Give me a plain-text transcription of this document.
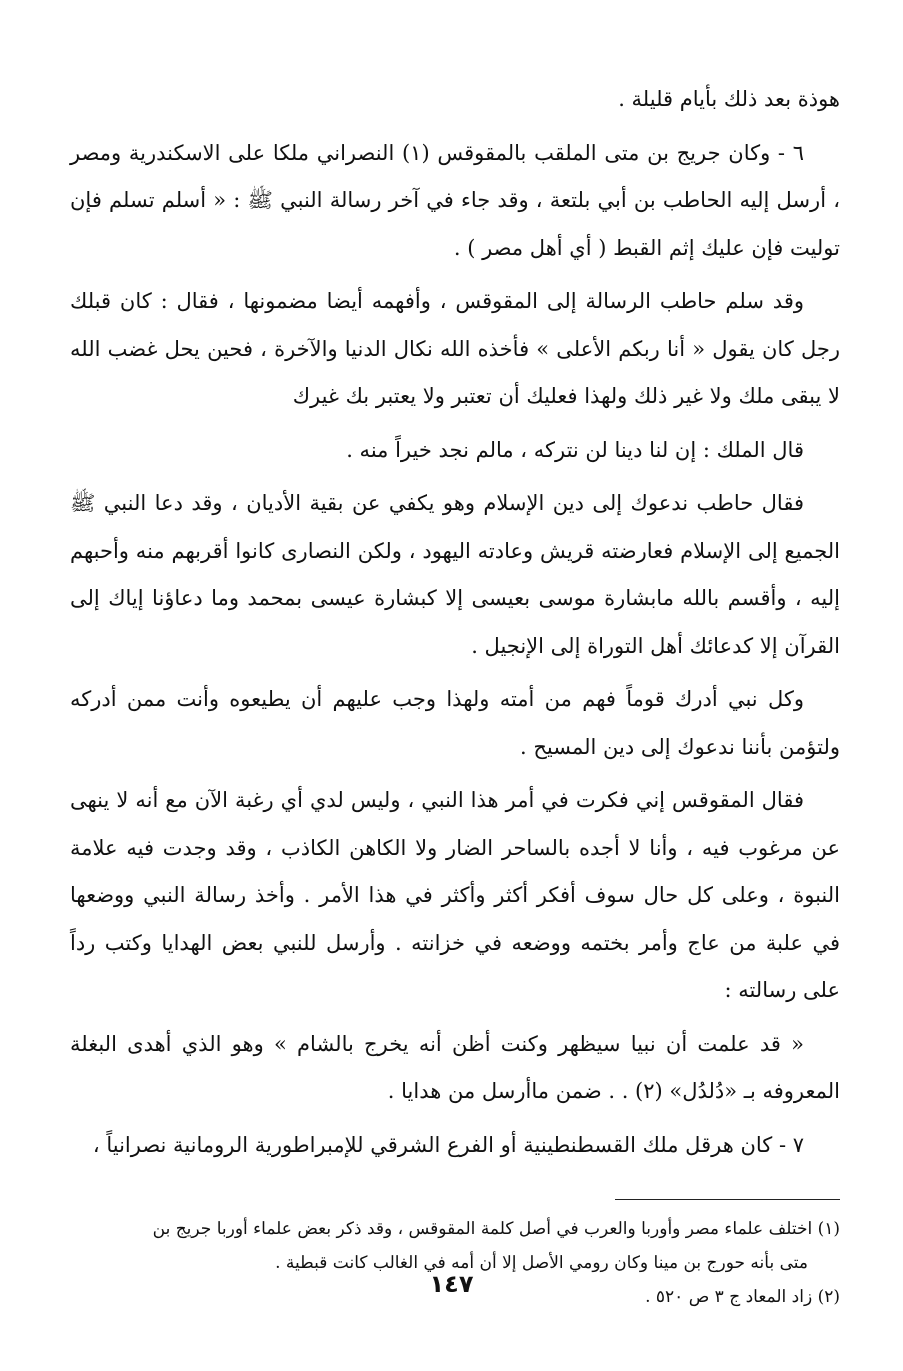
هوذة بعد ذلك بأيام قليلة .

٦ - وكان جريج بن متى الملقب بالمقوقس (١) النصراني ملكا على الاسكندرية ومصر ، أرسل إليه الحاطب بن أبي بلتعة ، وقد جاء في آخر رسالة النبي ﷺ : « أسلم تسلم فإن توليت فإن عليك إثم القبط ( أي أهل مصر ) .

وقد سلم حاطب الرسالة إلى المقوقس ، وأفهمه أيضا مضمونها ، فقال : كان قبلك رجل كان يقول « أنا ربكم الأعلى » فأخذه الله نكال الدنيا والآخرة ، فحين يحل غضب الله لا يبقى ملك ولا غير ذلك ولهذا فعليك أن تعتبر ولا يعتبر بك غيرك

قال الملك : إن لنا دينا لن نتركه ، مالم نجد خيراً منه .

فقال حاطب ندعوك إلى دين الإسلام وهو يكفي عن بقية الأديان ، وقد دعا النبي ﷺ الجميع إلى الإسلام فعارضته قريش وعادته اليهود ، ولكن النصارى كانوا أقربهم منه وأحبهم إليه ، وأقسم بالله مابشارة موسى بعيسى إلا كبشارة عيسى بمحمد وما دعاؤنا إياك إلى القرآن إلا كدعائك أهل التوراة إلى الإنجيل .

وكل نبي أدرك قوماً فهم من أمته ولهذا وجب عليهم أن يطيعوه وأنت ممن أدركه ولتؤمن بأننا ندعوك إلى دين المسيح .

فقال المقوقس إني فكرت في أمر هذا النبي ، وليس لدي أي رغبة الآن مع أنه لا ينهى عن مرغوب فيه ، وأنا لا أجده بالساحر الضار ولا الكاهن الكاذب ، وقد وجدت فيه علامة النبوة ، وعلى كل حال سوف أفكر أكثر وأكثر في هذا الأمر . وأخذ رسالة النبي ووضعها في علبة من عاج وأمر بختمه ووضعه في خزانته . وأرسل للنبي بعض الهدايا وكتب رداً على رسالته :

« قد علمت أن نبيا سيظهر وكنت أظن أنه يخرج بالشام » وهو الذي أهدى البغلة المعروفه بـ «دُلدُل» (٢) . . ضمن ماأرسل من هدايا .

٧ - كان هرقل ملك القسطنطينية أو الفرع الشرقي للإمبراطورية الرومانية نصرانياً ،

(١) اختلف علماء مصر وأوربا والعرب في أصل كلمة المقوقس ، وقد ذكر بعض علماء أوربا جريج بن
متى بأنه حورج بن مينا وكان رومي الأصل إلا أن أمه في الغالب كانت قبطية .

(٢) زاد المعاد ج ٣ ص ٥٢٠ .

١٤٧
